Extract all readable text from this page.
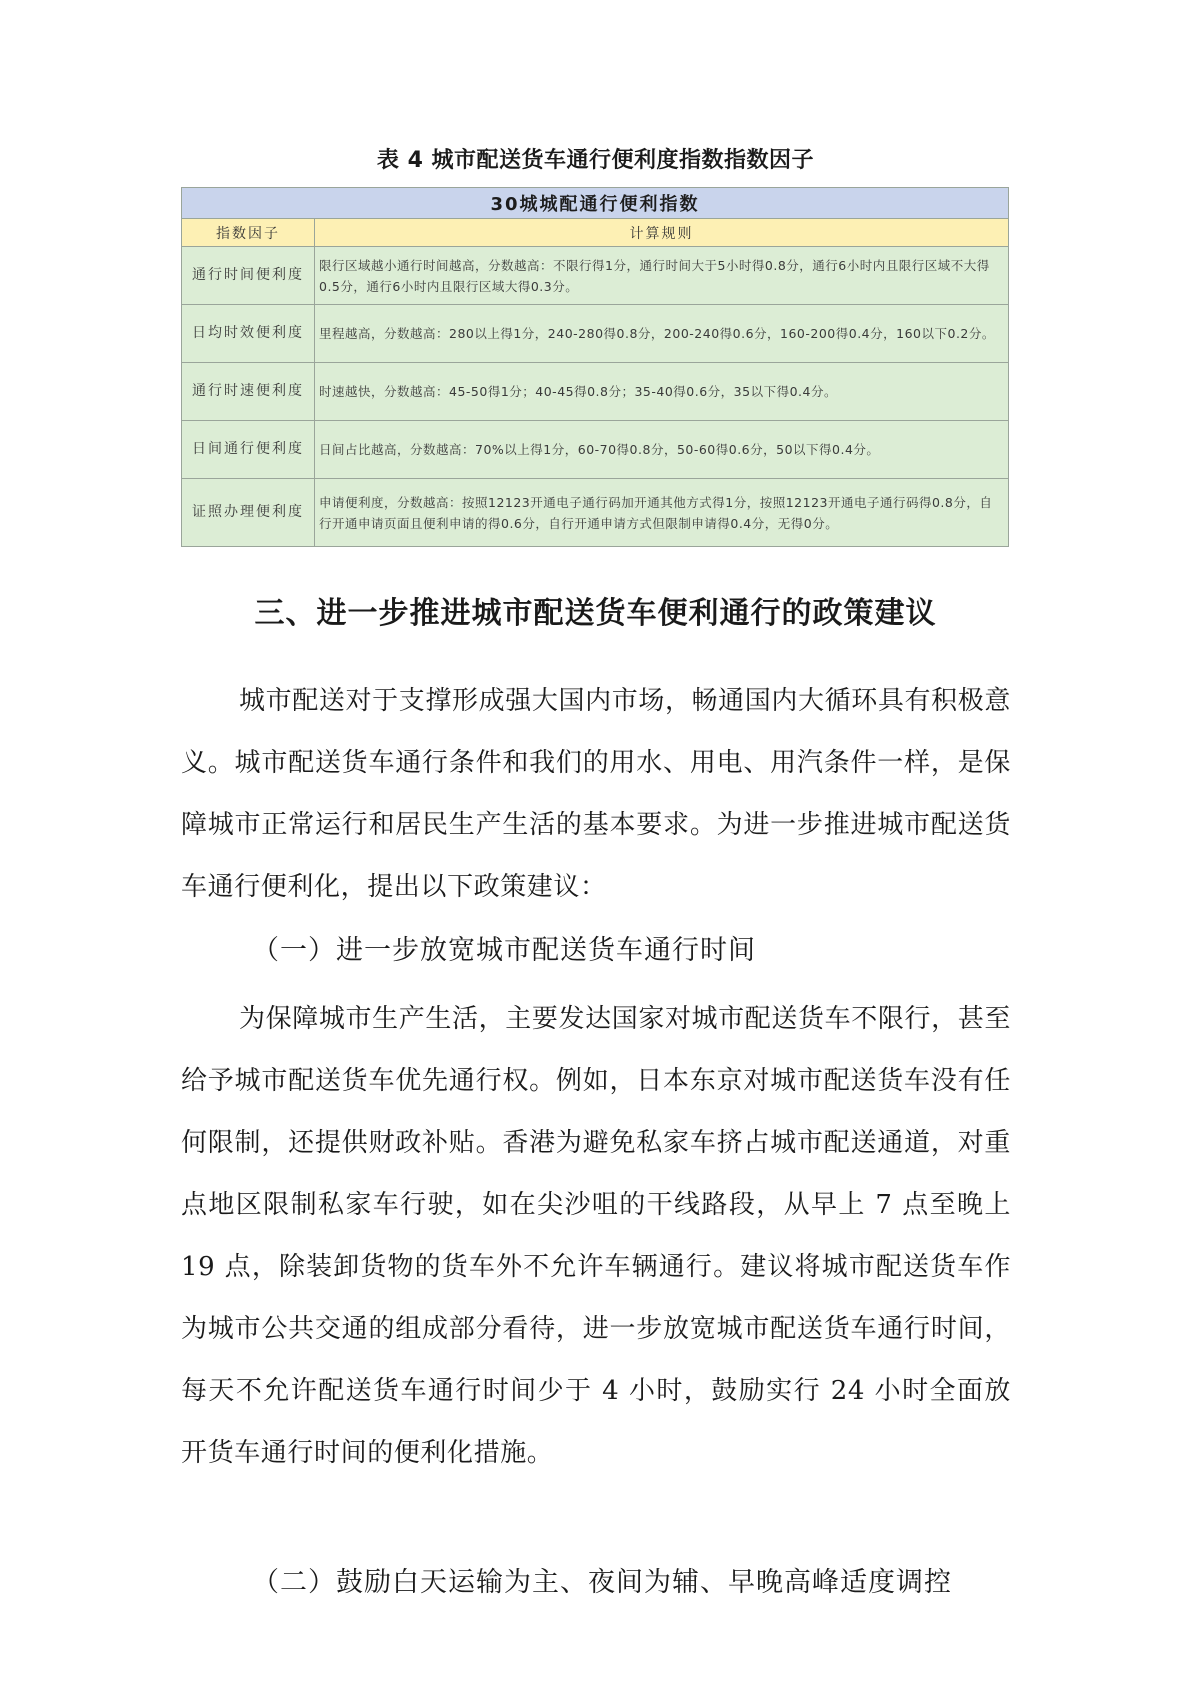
表 4 城市配送货车通行便利度指数指数因子
30城城配通行便利指数	
指数因子	计算规则
通行时间便利度	限行区域越小通行时间越高，分数越高：不限行得1分，通行时间大于5小时得0.8分，通行6小时内且限行区域不大得0.5分，通行6小时内且限行区域大得0.3分。
日均时效便利度	里程越高，分数越高：280以上得1分，240-280得0.8分，200-240得0.6分，160-200得0.4分，160以下0.2分。
通行时速便利度	时速越快，分数越高：45-50得1分；40-45得0.8分；35-40得0.6分，35以下得0.4分。
日间通行便利度	日间占比越高，分数越高：70%以上得1分，60-70得0.8分，50-60得0.6分，50以下得0.4分。
证照办理便利度	申请便利度，分数越高：按照12123开通电子通行码加开通其他方式得1分，按照12123开通电子通行码得0.8分，自行开通申请页面且便利申请的得0.6分，自行开通申请方式但限制申请得0.4分，无得0分。
三、进一步推进城市配送货车便利通行的政策建议

城市配送对于支撑形成强大国内市场，畅通国内大循环具有积极意义。城市配送货车通行条件和我们的用水、用电、用汽条件一样，是保障城市正常运行和居民生产生活的基本要求。为进一步推进城市配送货车通行便利化，提出以下政策建议：

（一）进一步放宽城市配送货车通行时间

为保障城市生产生活，主要发达国家对城市配送货车不限行，甚至给予城市配送货车优先通行权。例如，日本东京对城市配送货车没有任何限制，还提供财政补贴。香港为避免私家车挤占城市配送通道，对重点地区限制私家车行驶，如在尖沙咀的干线路段，从早上 7 点至晚上 19 点，除装卸货物的货车外不允许车辆通行。建议将城市配送货车作为城市公共交通的组成部分看待，进一步放宽城市配送货车通行时间，每天不允许配送货车通行时间少于 4 小时，鼓励实行 24 小时全面放开货车通行时间的便利化措施。

（二）鼓励白天运输为主、夜间为辅、早晚高峰适度调控
